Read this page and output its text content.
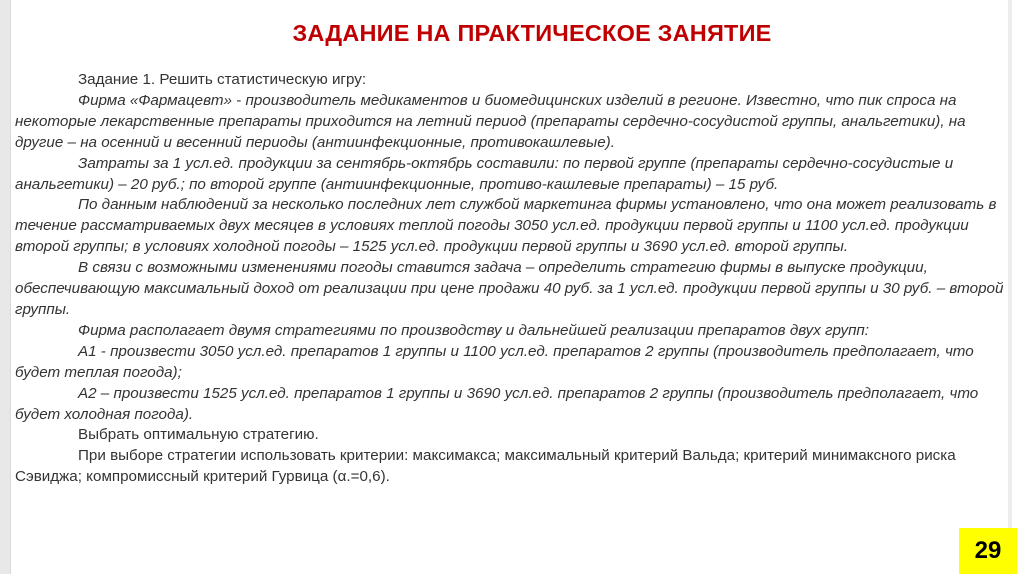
ЗАДАНИЕ НА ПРАКТИЧЕСКОЕ ЗАНЯТИЕ

Задание 1. Решить статистическую игру:

Фирма «Фармацевт» - производитель медикаментов и биомедицинских изделий в регионе. Известно, что пик спроса на некоторые лекарственные препараты приходится на летний период (препараты сердечно-сосудистой группы, анальгетики), на другие – на осенний и весенний периоды (антиинфекционные, противокашлевые).

Затраты за 1 усл.ед. продукции за сентябрь-октябрь составили: по первой группе (препараты сердечно-сосудистые и анальгетики) – 20 руб.; по второй группе (антиинфекционные, противо-кашлевые препараты) – 15 руб.

По данным наблюдений за несколько последних лет службой маркетинга фирмы установлено, что она может реализовать в течение рассматриваемых двух месяцев в условиях теплой погоды 3050 усл.ед. продукции первой группы и 1100 усл.ед. продукции второй группы; в условиях холодной погоды – 1525 усл.ед. продукции первой группы и 3690 усл.ед. второй группы.

В связи с возможными изменениями погоды ставится задача – определить стратегию фирмы в выпуске продукции, обеспечивающую максимальный доход от реализации при цене продажи 40 руб. за 1 усл.ед. продукции первой группы и 30 руб. – второй группы.

Фирма располагает двумя стратегиями по производству и дальнейшей реализации препаратов двух групп:

А1 - произвести 3050 усл.ед. препаратов 1 группы и 1100 усл.ед. препаратов 2 группы (производитель предполагает, что будет теплая погода);

А2 – произвести 1525 усл.ед. препаратов 1 группы и 3690 усл.ед. препаратов 2 группы (производитель предполагает, что будет холодная погода).

Выбрать оптимальную стратегию.

При выборе стратегии использовать критерии: максимакса; максимальный критерий Вальда; критерий минимаксного риска Сэвиджа; компромиссный критерий Гурвица (α.=0,6).

29
